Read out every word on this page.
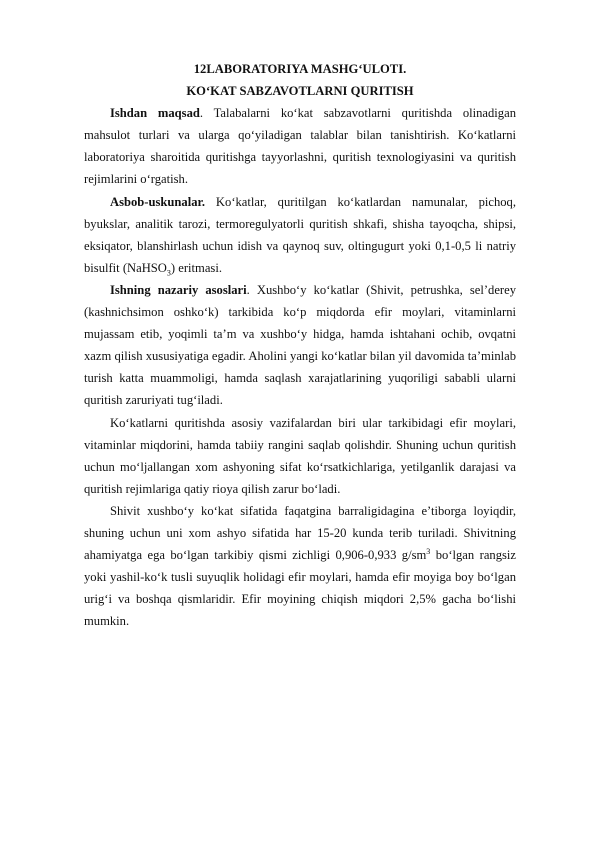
12LABORATORIYA MASHG‘ULOTI.

KO‘KAT SABZAVOTLARNI QURITISH

Ishdan maqsad. Talabalarni ko‘kat sabzavotlarni quritishda olinadigan mahsulot turlari va ularga qo‘yiladigan talablar bilan tanishtirish. Ko‘katlarni laboratoriya sharoitida quritishga tayyorlashni, quritish texnologiyasini va quritish rejimlarini o‘rgatish.

Asbob-uskunalar. Ko‘katlar, quritilgan ko‘katlardan namunalar, pichoq, byukslar, analitik tarozi, termoregulyatorli quritish shkafi, shisha tayoqcha, shipsi, eksiqator, blanshirlash uchun idish va qaynoq suv, oltingugurt yoki 0,1-0,5 li natriy bisulfit (NaHSO$_3$) eritmasi.

Ishning nazariy asoslari. Xushbo‘y ko‘katlar (Shivit, petrushka, sel’derey (kashnichsimon oshko‘k) tarkibida ko‘p miqdorda efir moylari, vitaminlarni mujassam etib, yoqimli ta’m va xushbo‘y hidga, hamda ishtahani ochib, ovqatni xazm qilish xususiyatiga egadir. Aholini yangi ko‘katlar bilan yil davomida ta’minlab turish katta muammoligi, hamda saqlash xarajatlarining yuqoriligi sababli ularni quritish zaruriyati tug‘iladi.

Ko‘katlarni quritishda asosiy vazifalardan biri ular tarkibidagi efir moylari, vitaminlar miqdorini, hamda tabiiy rangini saqlab qolishdir. Shuning uchun quritish uchun mo‘ljallangan xom ashyoning sifat ko‘rsatkichlariga, yetilganlik darajasi va quritish rejimlariga qatiy rioya qilish zarur bo‘ladi.

Shivit xushbo‘y ko‘kat sifatida faqatgina barraligidagina e’tiborga loyiqdir, shuning uchun uni xom ashyo sifatida har 15-20 kunda terib turiladi. Shivitning ahamiyatga ega bo‘lgan tarkibiy qismi zichligi 0,906-0,933 $g/sm^3$ bo‘lgan rangsiz yoki yashil-ko‘k tusli suyuqlik holidagi efir moylari, hamda efir moyiga boy bo‘lgan urig‘i va boshqa qismlaridir. Efir moyining chiqish miqdori 2,5% gacha bo‘lishi mumkin.
